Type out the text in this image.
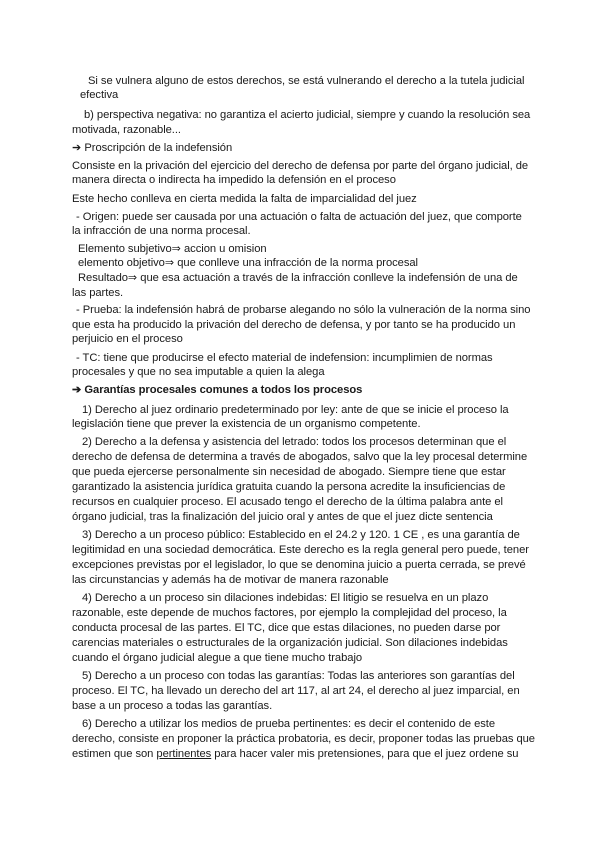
Si se vulnera alguno de estos derechos, se está vulnerando el derecho a la tutela judicial
efectiva
b) perspectiva negativa: no garantiza el acierto judicial, siempre y cuando la resolución sea
motivada, razonable...
➔ Proscripción de la indefensión
Consiste en la privación del ejercicio del derecho de defensa por parte del órgano judicial, de
manera directa o indirecta ha impedido la defensión en el proceso
Este hecho conlleva en cierta medida la falta de imparcialidad del juez
- Origen: puede ser causada por una actuación o falta de actuación del juez, que comporte
la infracción de una norma procesal.
Elemento subjetivo⇒ accion u omision
elemento objetivo⇒ que conlleve una infracción de la norma procesal
Resultado⇒ que esa actuación a través de la infracción conlleve la indefensión de una de
las partes.
- Prueba: la indefensión habrá de probarse alegando no sólo la vulneración de la norma sino
que esta ha producido la privación del derecho de defensa, y por tanto se ha producido un
perjuicio en el proceso
- TC: tiene que producirse el efecto material de indefension: incumplimien de normas
procesales y que no sea imputable a quien la alega
➔ Garantías procesales comunes a todos los procesos
1) Derecho al juez ordinario predeterminado por ley: ante de que se inicie el proceso la
legislación tiene que prever la existencia de un organismo competente.
2) Derecho a la defensa y asistencia del letrado: todos los procesos determinan que el
derecho de defensa de determina a través de abogados, salvo que la ley procesal determine
que pueda ejercerse personalmente sin necesidad de abogado. Siempre tiene que estar
garantizado la asistencia jurídica gratuita cuando la persona acredite la insuficiencias de
recursos en cualquier proceso. El acusado tengo el derecho de la última palabra ante el
órgano judicial, tras la finalización del juicio oral y antes de que el juez dicte sentencia
3) Derecho a un proceso público: Establecido en el 24.2 y 120. 1 CE , es una garantía de
legitimidad en una sociedad democrática. Este derecho es la regla general pero puede, tener
excepciones previstas por el legislador, lo que se denomina juicio a puerta cerrada, se prevé
las circunstancias y además ha de motivar de manera razonable
4) Derecho a un proceso sin dilaciones indebidas: El litigio se resuelva en un plazo
razonable, este depende de muchos factores, por ejemplo la complejidad del proceso, la
conducta procesal de las partes. El TC, dice que estas dilaciones, no pueden darse por
carencias materiales o estructurales de la organización judicial. Son dilaciones indebidas
cuando el órgano judicial alegue a que tiene mucho trabajo
5) Derecho a un proceso con todas las garantías: Todas las anteriores son garantías del
proceso. El TC, ha llevado un derecho del art 117, al art 24, el derecho al juez imparcial, en
base a un proceso a todas las garantías.
6) Derecho a utilizar los medios de prueba pertinentes: es decir el contenido de este
derecho, consiste en proponer la práctica probatoria, es decir, proponer todas las pruebas que
estimen que son pertinentes para hacer valer mis pretensiones, para que el juez ordene su
